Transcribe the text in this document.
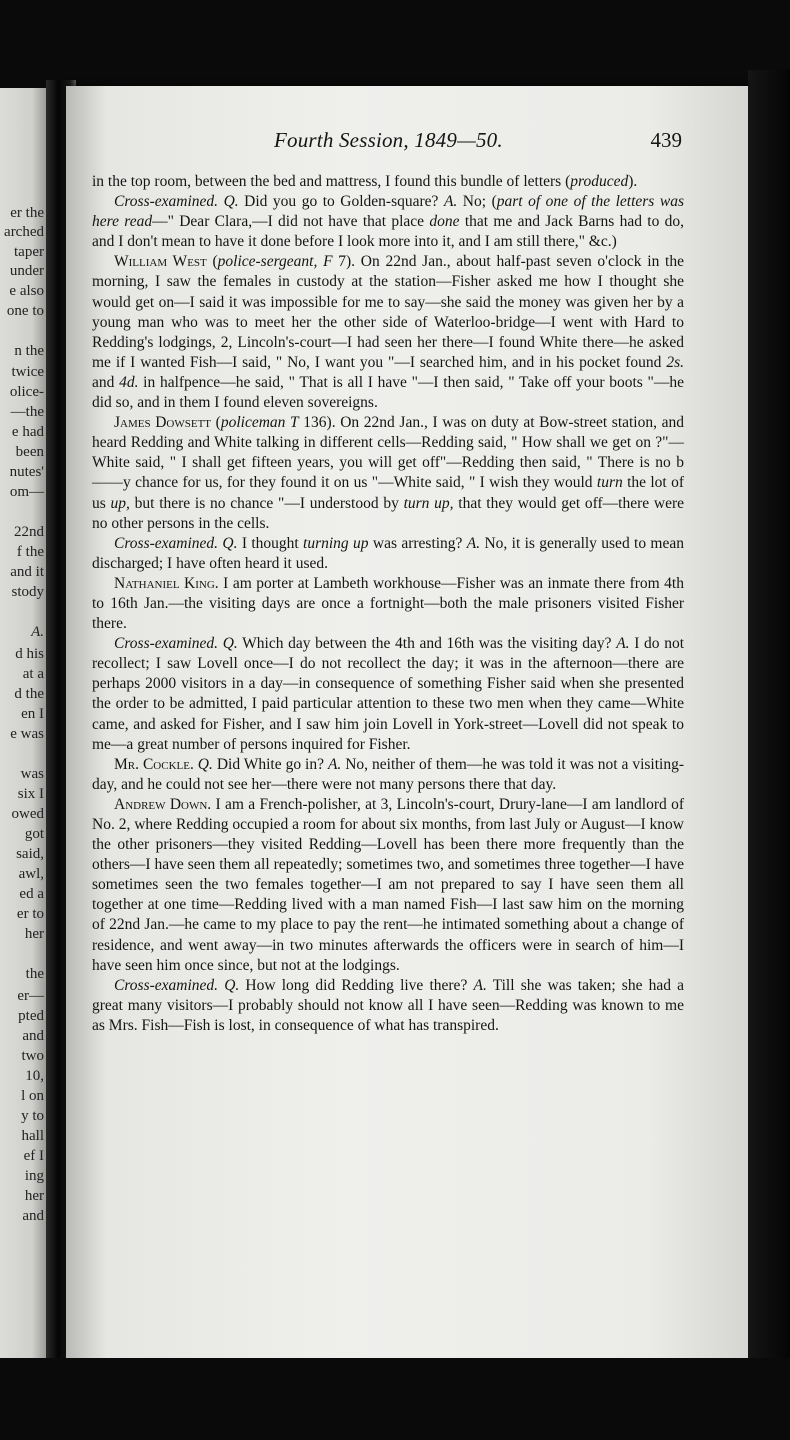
er the
arched
taper
under
e also
one to
n the
twice
olice-
—the
e had
been
nutes'
om—
22nd
f the
and it
stody
A.
d his
at a
d the
en I
e was
was
six I
owed
got
said,
awl,
ed a
er to
her
the
er—
pted
and
two
10,
l on
y to
hall
ef I
ing
her
and
Fourth Session, 1849—50.	439

in the top room, between the bed and mattress, I found this bundle of letters (produced).

Cross-examined. Q. Did you go to Golden-square? A. No; (part of one of the letters was here read—" Dear Clara,—I did not have that place done that me and Jack Barns had to do, and I don't mean to have it done before I look more into it, and I am still there," &c.)

William West (police-sergeant, F 7). On 22nd Jan., about half-past seven o'clock in the morning, I saw the females in custody at the station—Fisher asked me how I thought she would get on—I said it was impossible for me to say—she said the money was given her by a young man who was to meet her the other side of Waterloo-bridge—I went with Hard to Redding's lodgings, 2, Lincoln's-court—I had seen her there—I found White there—he asked me if I wanted Fish—I said, " No, I want you "—I searched him, and in his pocket found 2s. and 4d. in halfpence—he said, " That is all I have "—I then said, " Take off your boots "—he did so, and in them I found eleven sovereigns.

James Dowsett (policeman T 136). On 22nd Jan., I was on duty at Bow-street station, and heard Redding and White talking in different cells—Redding said, " How shall we get on ?"—White said, " I shall get fifteen years, you will get off"—Redding then said, " There is no b——y chance for us, for they found it on us "—White said, " I wish they would turn the lot of us up, but there is no chance "—I understood by turn up, that they would get off—there were no other persons in the cells.

Cross-examined. Q. I thought turning up was arresting? A. No, it is generally used to mean discharged; I have often heard it used.

Nathaniel King. I am porter at Lambeth workhouse—Fisher was an inmate there from 4th to 16th Jan.—the visiting days are once a fortnight—both the male prisoners visited Fisher there.

Cross-examined. Q. Which day between the 4th and 16th was the visiting day? A. I do not recollect; I saw Lovell once—I do not recollect the day; it was in the afternoon—there are perhaps 2000 visitors in a day—in consequence of something Fisher said when she presented the order to be admitted, I paid particular attention to these two men when they came—White came, and asked for Fisher, and I saw him join Lovell in York-street—Lovell did not speak to me—a great number of persons inquired for Fisher.

Mr. Cockle. Q. Did White go in? A. No, neither of them—he was told it was not a visiting-day, and he could not see her—there were not many persons there that day.

Andrew Down. I am a French-polisher, at 3, Lincoln's-court, Drury-lane—I am landlord of No. 2, where Redding occupied a room for about six months, from last July or August—I know the other prisoners—they visited Redding—Lovell has been there more frequently than the others—I have seen them all repeatedly; sometimes two, and sometimes three together—I have sometimes seen the two females together—I am not prepared to say I have seen them all together at one time—Redding lived with a man named Fish—I last saw him on the morning of 22nd Jan.—he came to my place to pay the rent—he intimated something about a change of residence, and went away—in two minutes afterwards the officers were in search of him—I have seen him once since, but not at the lodgings.

Cross-examined. Q. How long did Redding live there? A. Till she was taken; she had a great many visitors—I probably should not know all I have seen—Redding was known to me as Mrs. Fish—Fish is lost, in consequence of what has transpired.
